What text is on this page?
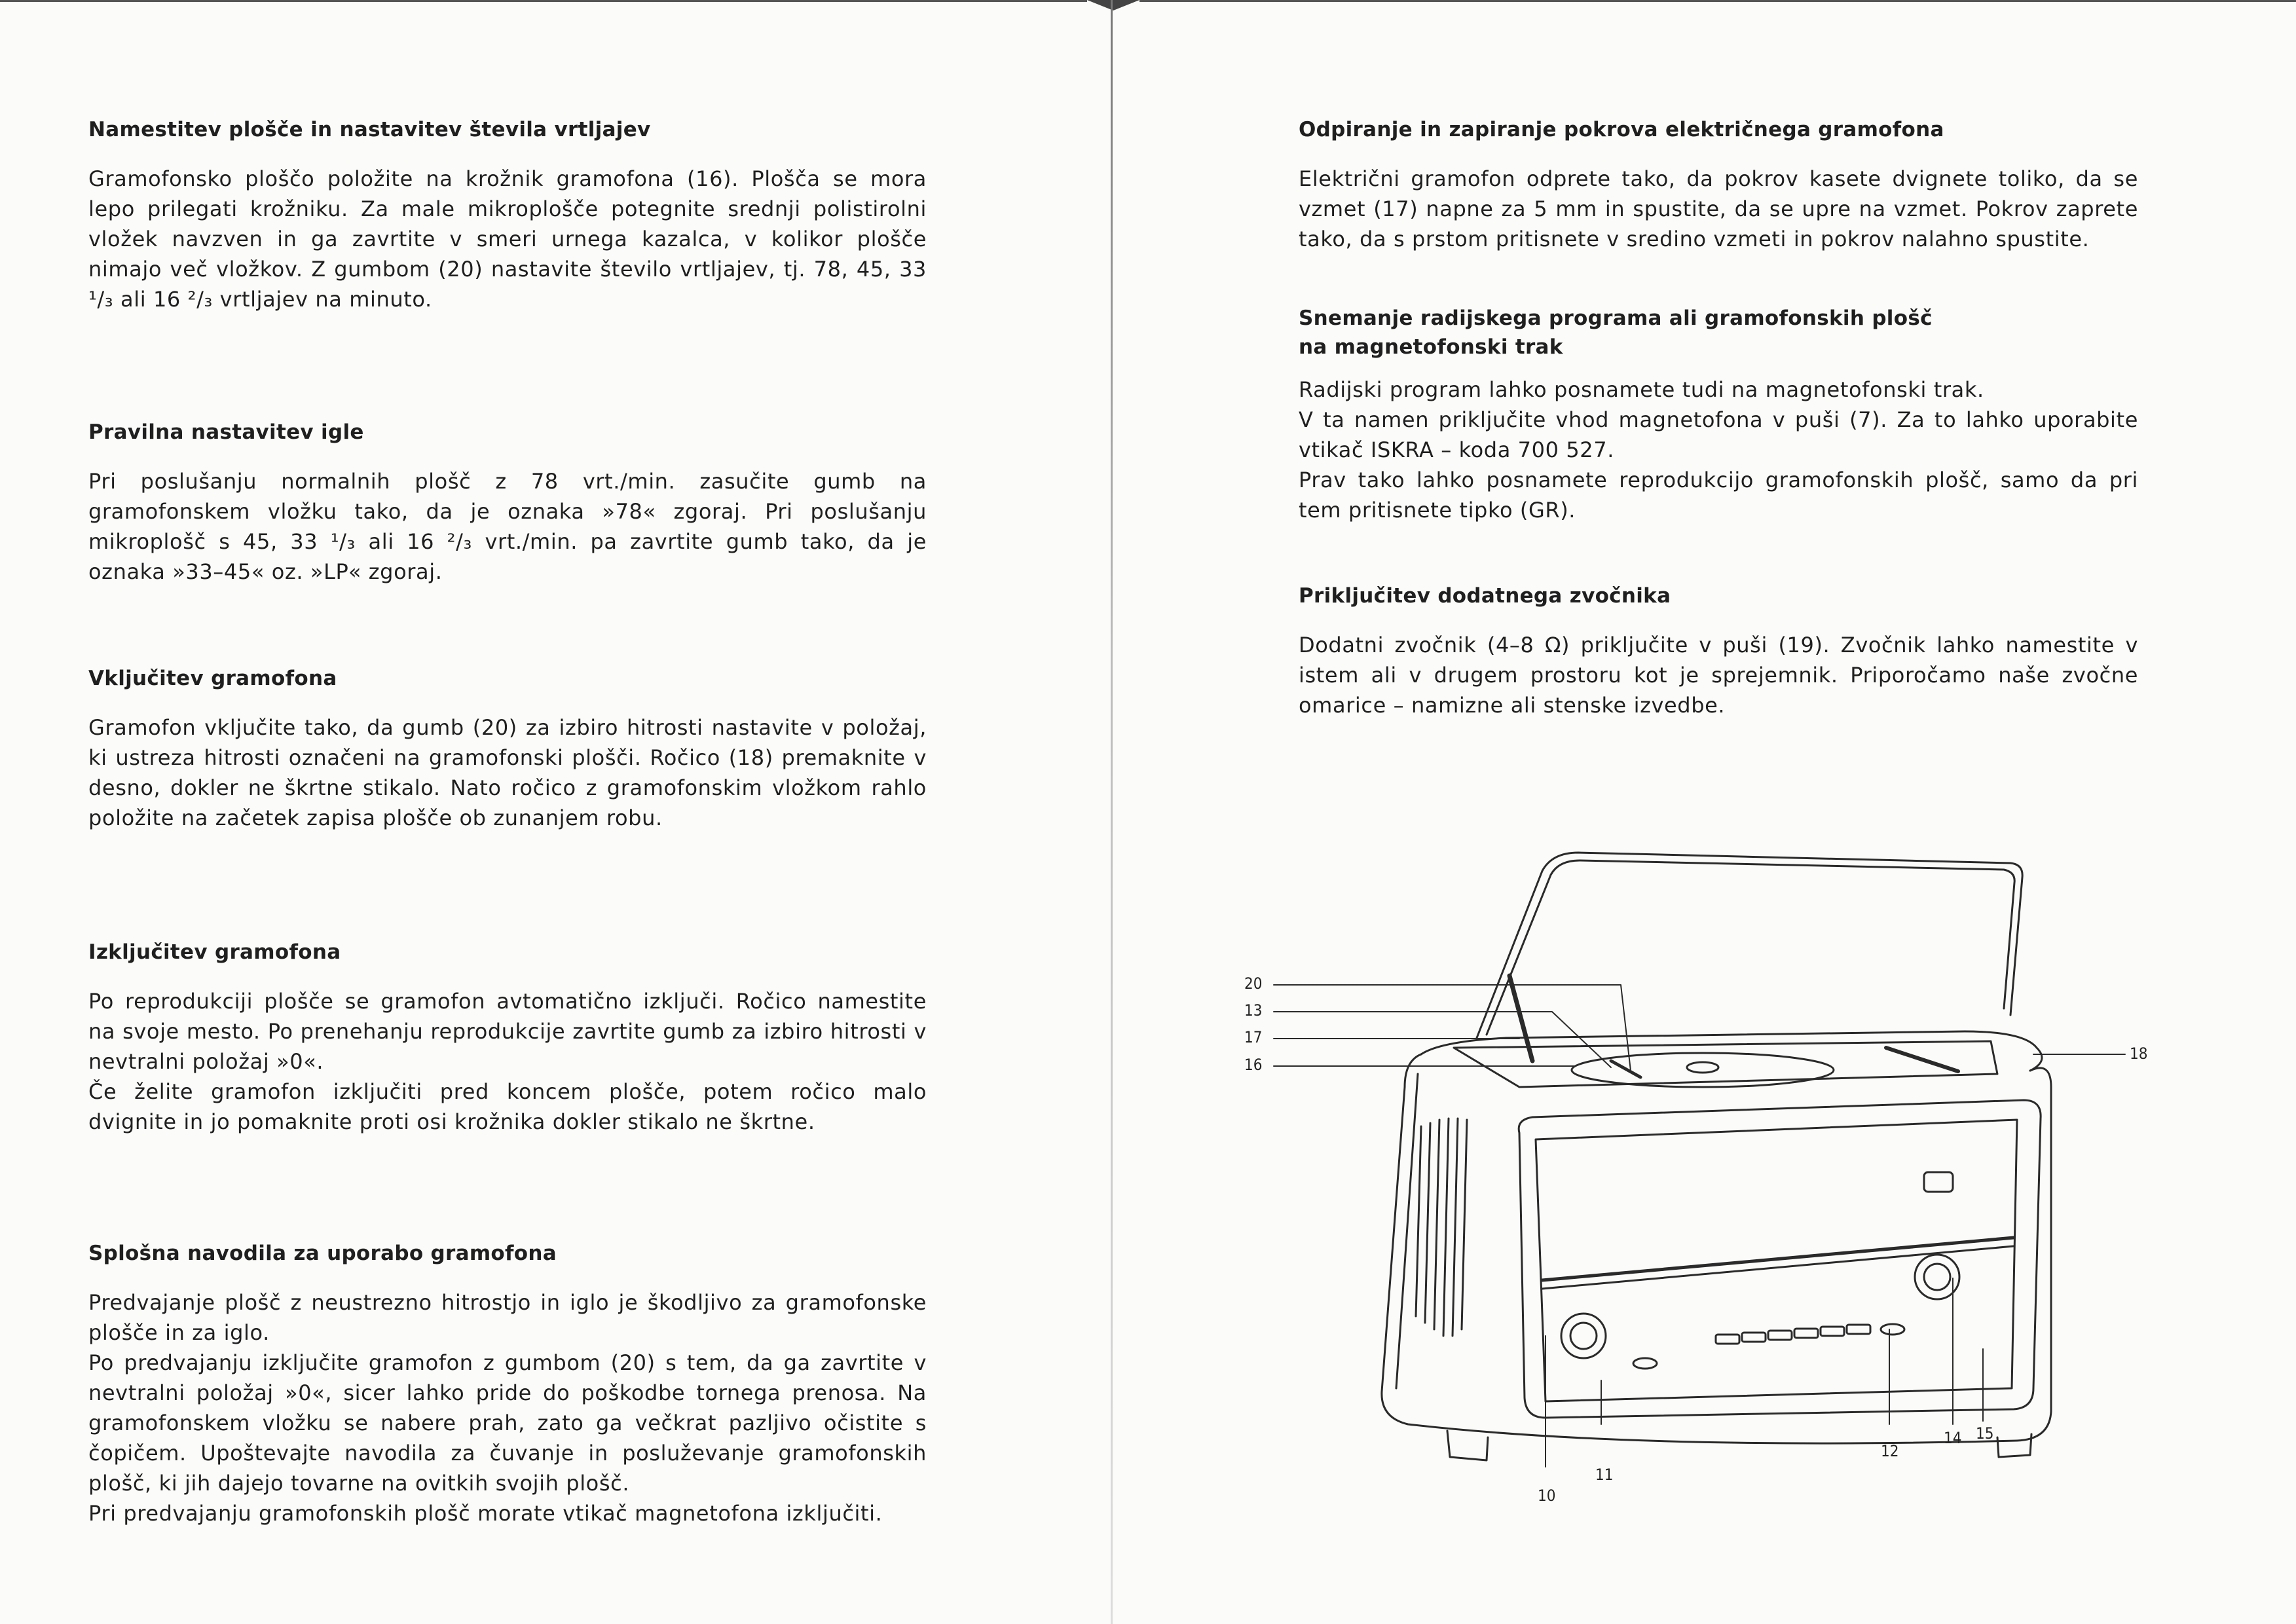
Namestitev plošče in nastavitev števila vrtljajev

Gramofonsko ploščo položite na krožnik gramofona (16). Plošča se mora lepo prilegati krožniku. Za male mikroplošče potegnite srednji polistirolni vložek navzven in ga zavrtite v smeri urnega kazalca, v kolikor plošče nimajo več vložkov. Z gumbom (20) nastavite število vrtljajev, tj. 78, 45, 33 ¹/₃ ali 16 ²/₃ vrtljajev na minuto.

Pravilna nastavitev igle

Pri poslušanju normalnih plošč z 78 vrt./min. zasučite gumb na gramofonskem vložku tako, da je oznaka »78« zgoraj. Pri poslušanju mikroplošč s 45, 33 ¹/₃ ali 16 ²/₃ vrt./min. pa zavrtite gumb tako, da je oznaka »33–45« oz. »LP« zgoraj.

Vključitev gramofona

Gramofon vključite tako, da gumb (20) za izbiro hitrosti nastavite v položaj, ki ustreza hitrosti označeni na gramofonski plošči. Ročico (18) premaknite v desno, dokler ne škrtne stikalo. Nato ročico z gramofonskim vložkom rahlo položite na začetek zapisa plošče ob zunanjem robu.

Izključitev gramofona

Po reprodukciji plošče se gramofon avtomatično izključi. Ročico namestite na svoje mesto. Po prenehanju reprodukcije zavrtite gumb za izbiro hitrosti v nevtralni položaj »0«.
Če želite gramofon izključiti pred koncem plošče, potem ročico malo dvignite in jo pomaknite proti osi krožnika dokler stikalo ne škrtne.

Splošna navodila za uporabo gramofona

Predvajanje plošč z neustrezno hitrostjo in iglo je škodljivo za gramofonske plošče in za iglo.
Po predvajanju izključite gramofon z gumbom (20) s tem, da ga zavrtite v nevtralni položaj »0«, sicer lahko pride do poškodbe tornega prenosa. Na gramofonskem vložku se nabere prah, zato ga večkrat pazljivo očistite s čopičem. Upoštevajte navodila za čuvanje in posluževanje gramofonskih plošč, ki jih dajejo tovarne na ovitkih svojih plošč.
Pri predvajanju gramofonskih plošč morate vtikač magnetofona izključiti.

Odpiranje in zapiranje pokrova električnega gramofona

Električni gramofon odprete tako, da pokrov kasete dvignete toliko, da se vzmet (17) napne za 5 mm in spustite, da se upre na vzmet. Pokrov zaprete tako, da s prstom pritisnete v sredino vzmeti in pokrov nalahno spustite.

Snemanje radijskega programa ali gramofonskih plošč
na magnetofonski trak

Radijski program lahko posnamete tudi na magnetofonski trak.
V ta namen priključite vhod magnetofona v puši (7). Za to lahko uporabite vtikač ISKRA – koda 700 527.
Prav tako lahko posnamete reprodukcijo gramofonskih plošč, samo da pri tem pritisnete tipko (GR).

Priključitev dodatnega zvočnika

Dodatni zvočnik (4–8 Ω) priključite v puši (19). Zvočnik lahko namestite v istem ali v drugem prostoru kot je sprejemnik. Priporočamo naše zvočne omarice – namizne ali stenske izvedbe.

20
13
17
16
18
10
11
12
14 15
